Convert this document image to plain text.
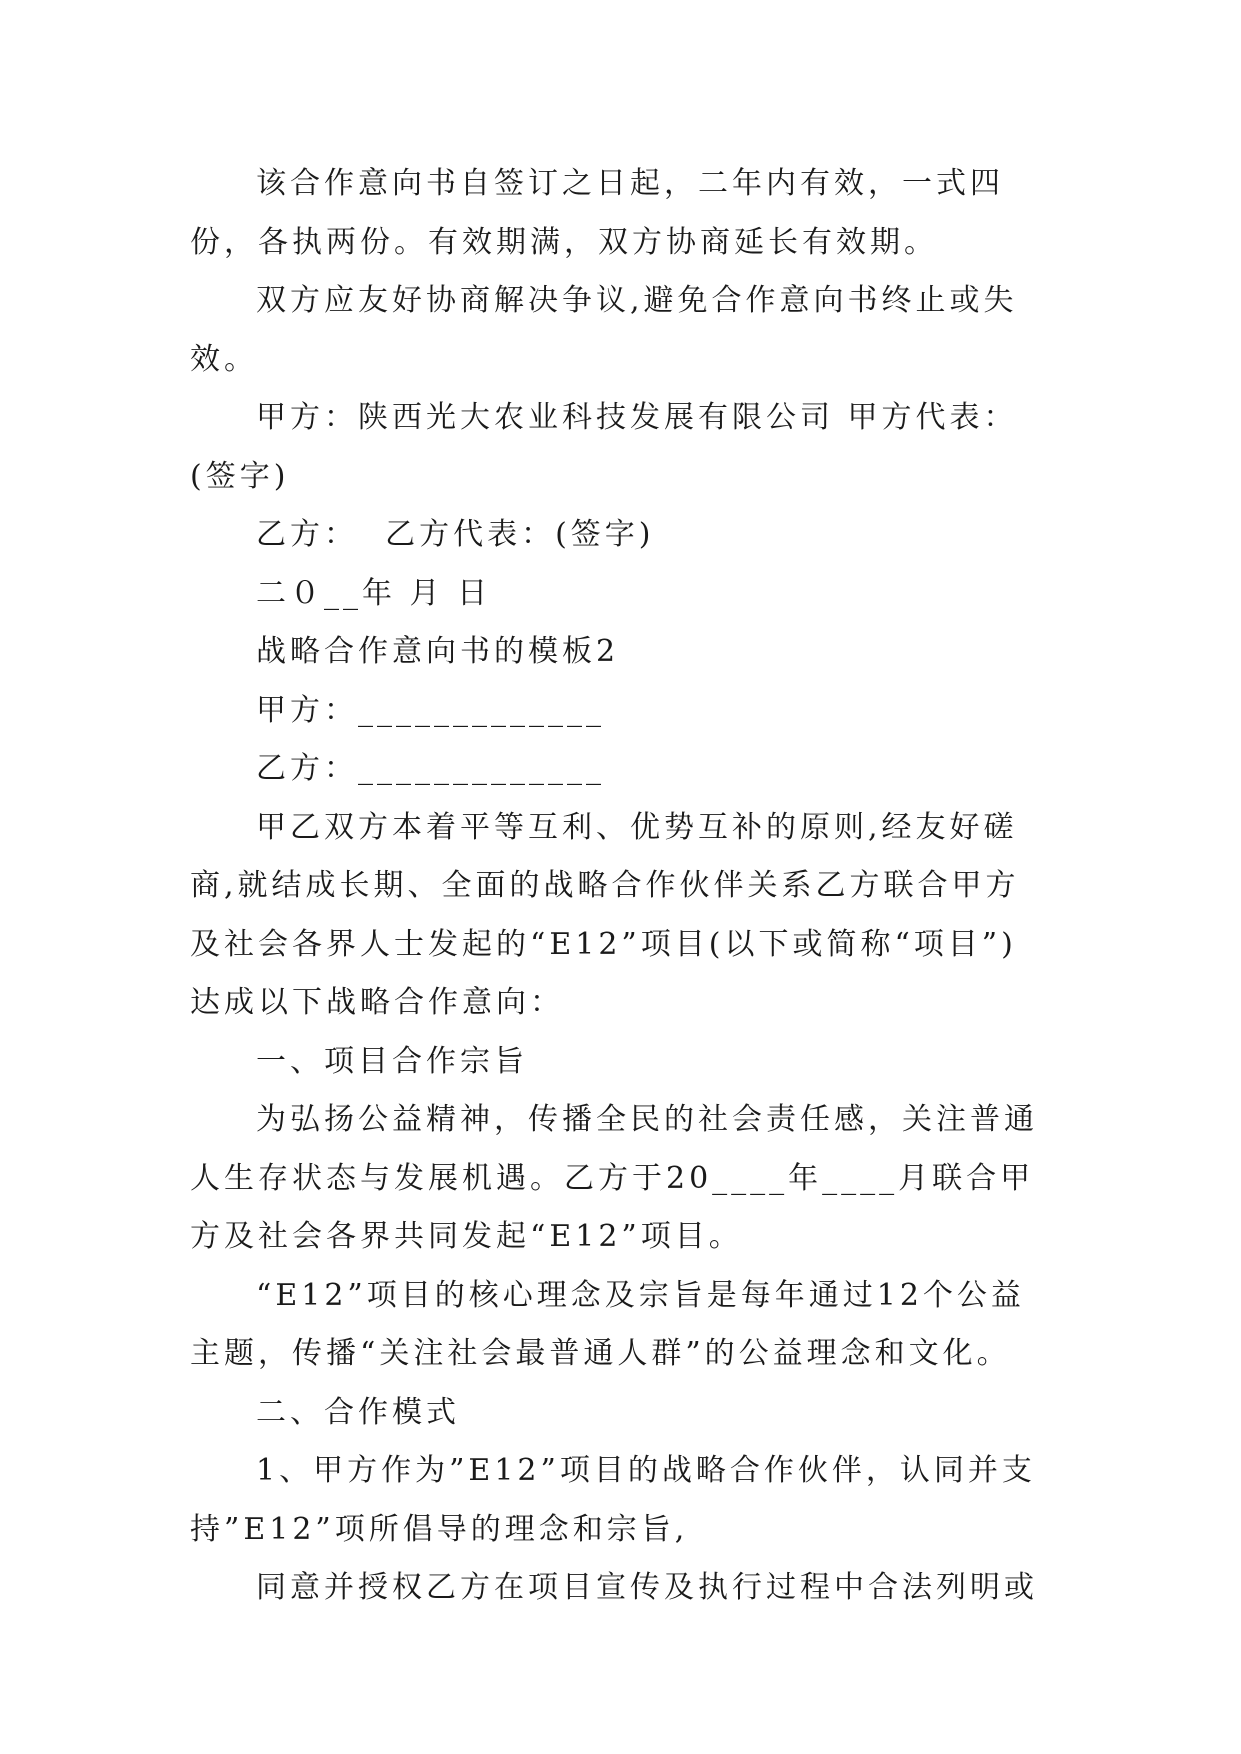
该合作意向书自签订之日起，二年内有效，一式四份，各执两份。有效期满，双方协商延长有效期。

双方应友好协商解决争议,避免合作意向书终止或失效。

甲方：陕西光大农业科技发展有限公司 甲方代表：(签字)

乙方：  乙方代表：(签字)

二０__年 月 日

战略合作意向书的模板2

甲方：_____________

乙方：_____________

甲乙双方本着平等互利、优势互补的原则,经友好磋商,就结成长期、全面的战略合作伙伴关系乙方联合甲方及社会各界人士发起的“E12”项目(以下或简称“项目”)达成以下战略合作意向：

一、项目合作宗旨

为弘扬公益精神，传播全民的社会责任感，关注普通人生存状态与发展机遇。乙方于20____年____月联合甲方及社会各界共同发起“E12”项目。

“E12”项目的核心理念及宗旨是每年通过12个公益主题，传播“关注社会最普通人群”的公益理念和文化。

二、合作模式

1、甲方作为”E12”项目的战略合作伙伴，认同并支持”E12”项所倡导的理念和宗旨,

同意并授权乙方在项目宣传及执行过程中合法列明或
